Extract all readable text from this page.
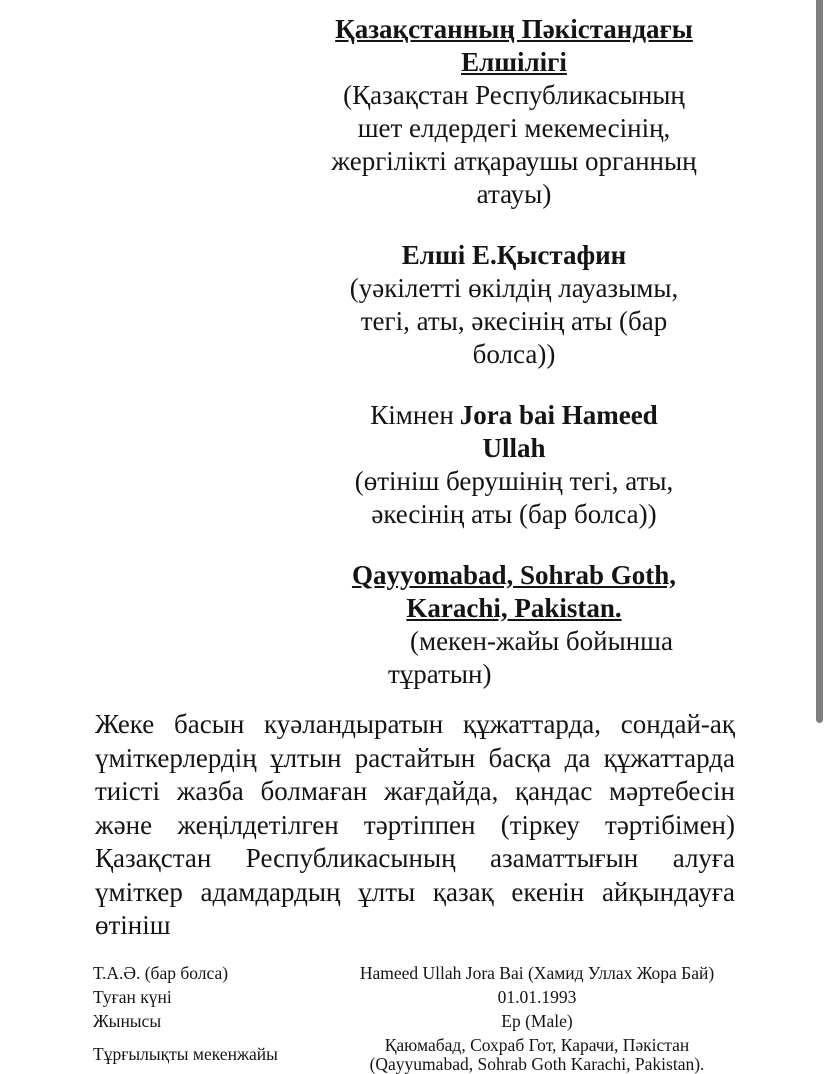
Қазақстанның Пәкістандағы
Елшілігі
(Қазақстан Республикасының
шет елдердегі мекемесінің,
жергілікті атқараушы органның
атауы)
Елші Е.Қыстафин
(уәкілетті өкілдің лауазымы,
тегі, аты, әкесінің аты (бар
болса))
Кімнен Jora bai Hameed
Ullah
(өтініш берушінің тегі, аты,
әкесінің аты (бар болса))
Qayyomabad, Sohrab Goth,
Karachi, Pakistan.
(мекен-жайы бойынша
тұратын)
Жеке басын куәландыратын құжаттарда, сондай-ақ үміткерлердің ұлтын растайтын басқа да құжаттарда тиісті жазба болмаған жағдайда, қандас мәртебесін және жеңілдетілген тәртіппен (тіркеу тәртібімен) Қазақстан Республикасының азаматтығын алуға үміткер адамдардың ұлты қазақ екенін айқындауға өтініш
Т.А.Ә. (бар болса)	Hameed Ullah Jora Bai (Хамид Уллах Жора Бай)
Туған күні	01.01.1993
Жынысы	Ер (Male)
Тұрғылықты мекенжайы	Қаюмабад, Сохраб Гот, Карачи, Пәкістан
(Qayyumabad, Sohrab Goth Karachi, Pakistan).
